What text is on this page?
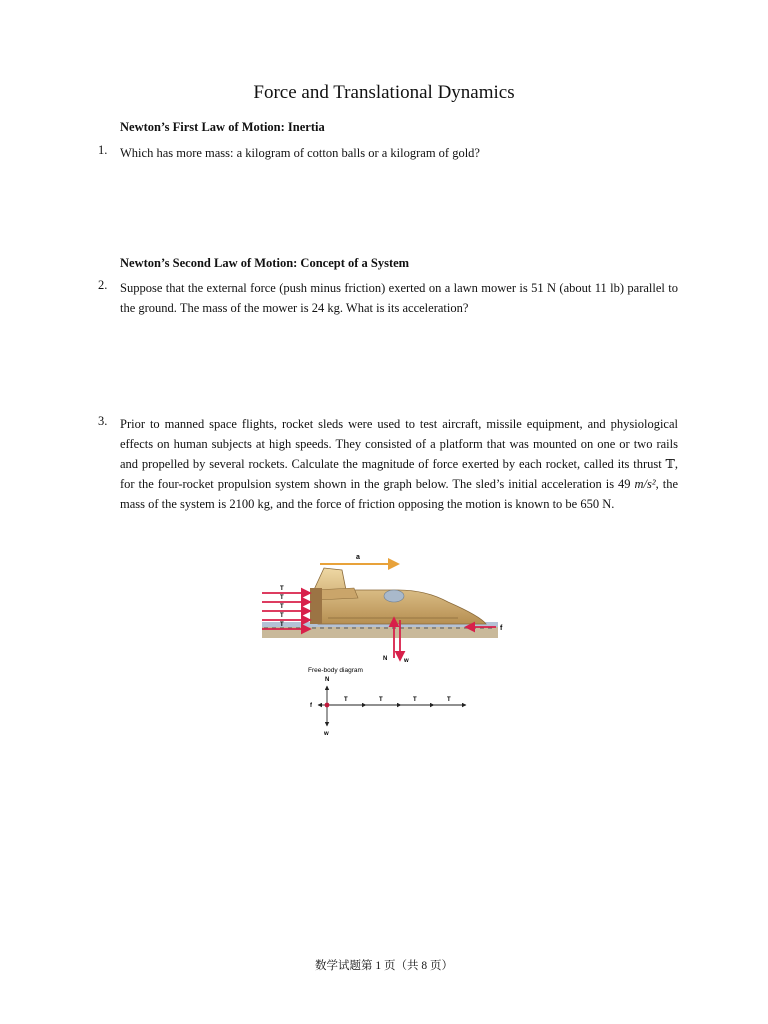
Force and Translational Dynamics
Newton’s First Law of Motion: Inertia
1. Which has more mass: a kilogram of cotton balls or a kilogram of gold?
Newton’s Second Law of Motion: Concept of a System
2. Suppose that the external force (push minus friction) exerted on a lawn mower is 51 N (about 11 lb) parallel to the ground. The mass of the mower is 24 kg. What is its acceleration?
3. Prior to manned space flights, rocket sleds were used to test aircraft, missile equipment, and physiological effects on human subjects at high speeds. They consisted of a platform that was mounted on one or two rails and propelled by several rockets. Calculate the magnitude of force exerted by each rocket, called its thrust 𝕋, for the four-rocket propulsion system shown in the graph below. The sled’s initial acceleration is 49 m/s², the mass of the system is 2100 kg, and the force of friction opposing the motion is known to be 650 N.
a
T
T
T
T
T	f
N	w
Free-body diagram
N
w
f
T	T	T	T
数学试题第 1 页（共 8 页）
